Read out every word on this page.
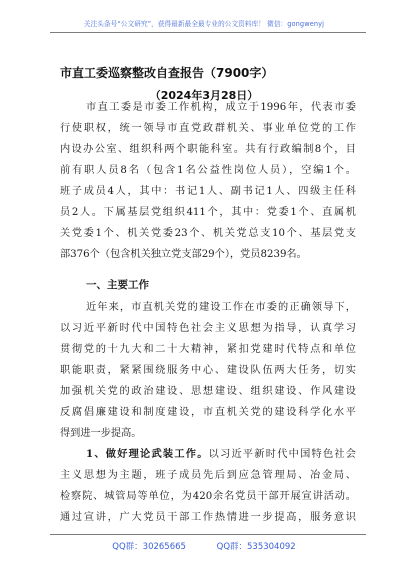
关注头条号“公文研究”，获得最新最全最专业的公文资料库！ 微信：gongwenyj
市直工委巡察整改自查报告（7900字）
（2024年3月28日）
市直工委是市委工作机构，成立于1996年，代表市委
行使职权，统一领导市直党政群机关、事业单位党的工作
内设办公室、组织科两个职能科室。共有行政编制8个，目
前有职人员8名（包含1名公益性岗位人员），空编1个。
班子成员4人，其中：书记1人、副书记1人、四级主任科
员2人。下属基层党组织411个，其中：党委1个、直属机
关党委1个、机关党委23个、机关党总支10个、基层党支
部376个（包含机关独立党支部29个），党员8239名。
一、主要工作
近年来，市直机关党的建设工作在市委的正确领导下，
以习近平新时代中国特色社会主义思想为指导，认真学习
贯彻党的十九大和二十大精神，紧扣党建时代特点和单位
职能职责，紧紧围绕服务中心、建设队伍两大任务，切实
加强机关党的政治建设、思想建设、组织建设、作风建设
反腐倡廉建设和制度建设，市直机关党的建设科学化水平
得到进一步提高。
1、做好理论武装工作。以习近平新时代中国特色社会
主义思想为主题，班子成员先后到应急管理局、冶金局、
检察院、城管局等单位，为420余名党员干部开展宣讲活动。
通过宣讲，广大党员干部工作热情进一步提高，服务意识
QQ群：30265665	QQ群：535304092
